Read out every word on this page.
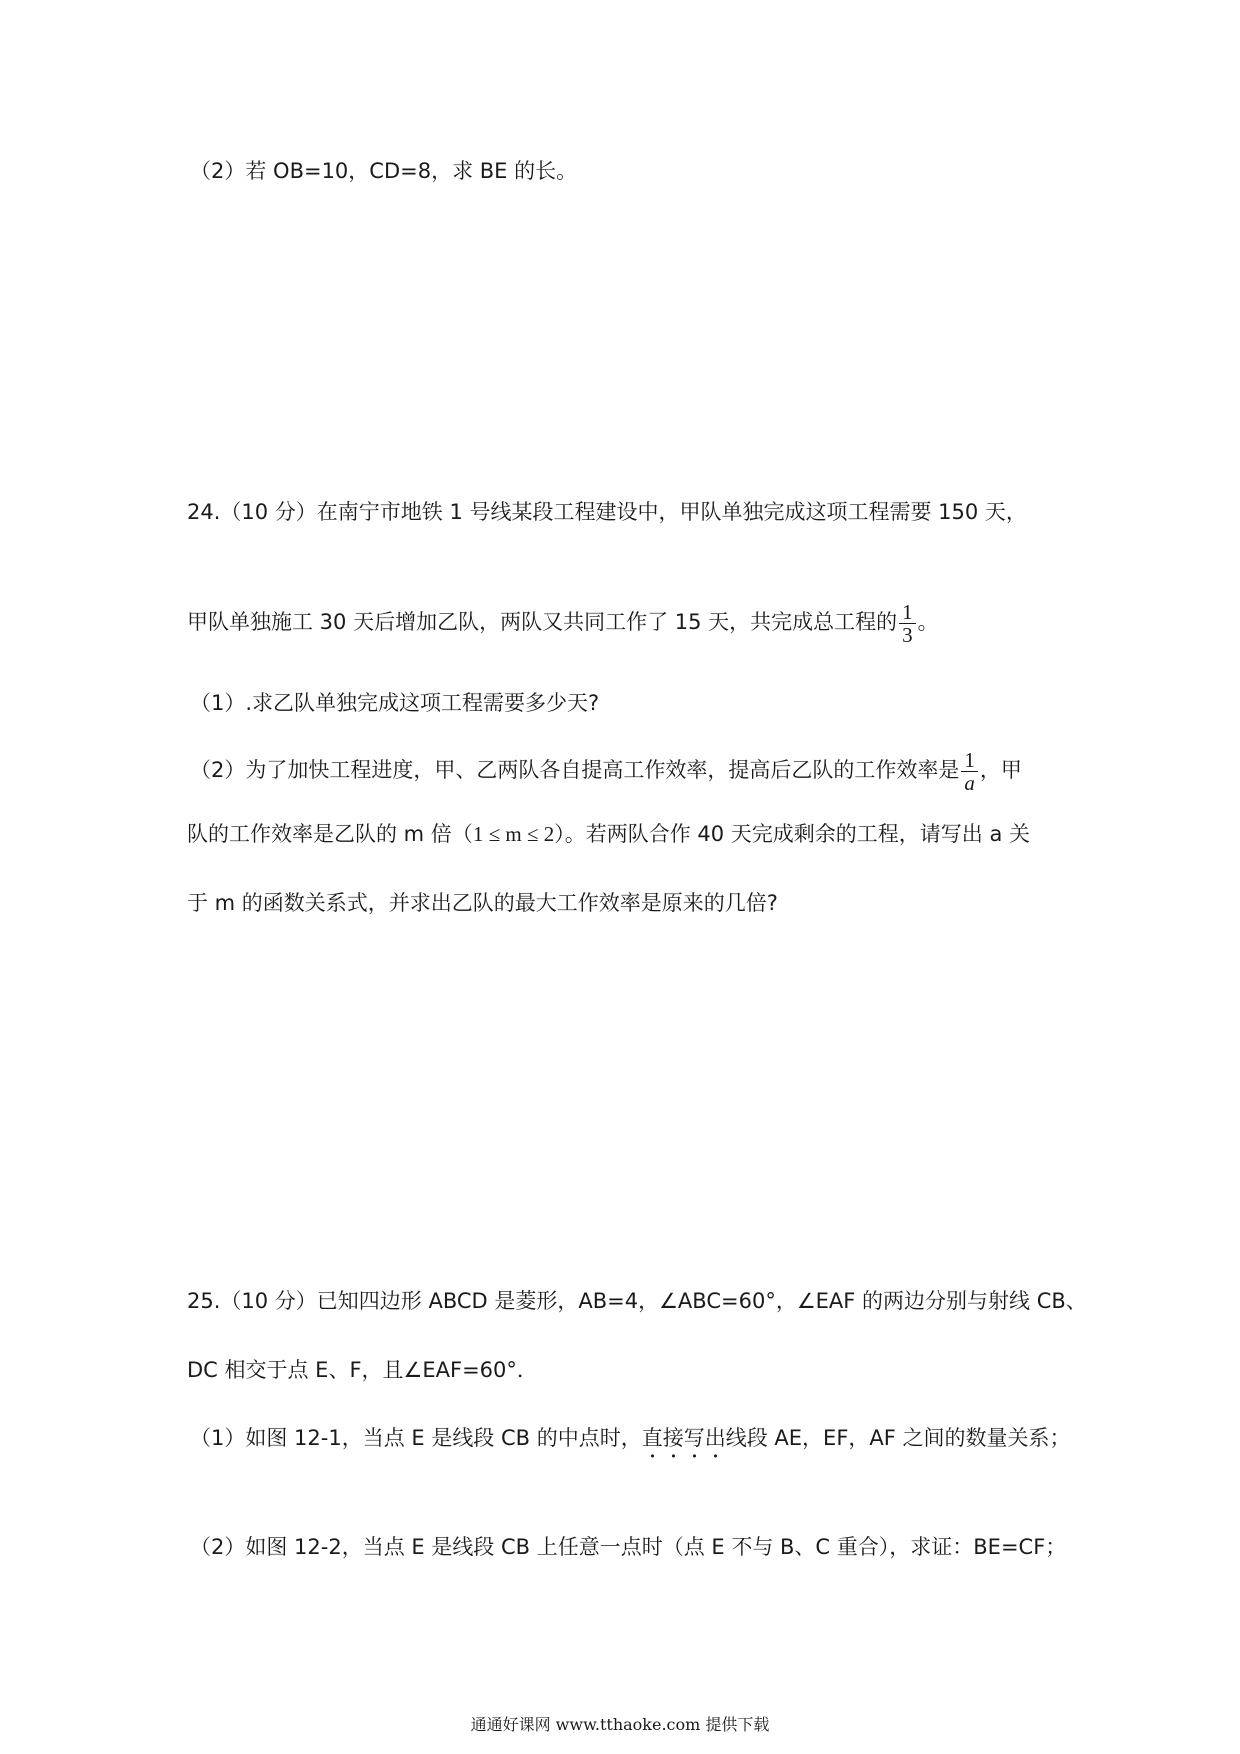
（2）若 OB=10，CD=8，求 BE 的长。
24.（10 分）在南宁市地铁 1 号线某段工程建设中，甲队单独完成这项工程需要 150 天，
甲队单独施工 30 天后增加乙队，两队又共同工作了 15 天，共完成总工程的 $\frac{1}{3}$ 。
（1）.求乙队单独完成这项工程需要多少天?
（2）为了加快工程进度，甲、乙两队各自提高工作效率，提高后乙队的工作效率是 $\frac{1}{a}$ ，甲
队的工作效率是乙队的 m 倍（1 ≤ m ≤ 2）。若两队合作 40 天完成剩余的工程，请写出 a 关
于 m 的函数关系式，并求出乙队的最大工作效率是原来的几倍?
25.（10 分）已知四边形 ABCD 是菱形，AB=4，∠ABC=60°，∠EAF 的两边分别与射线 CB、
DC 相交于点 E、F，且∠EAF=60°．
（1）如图 12-1，当点 E 是线段 CB 的中点时，直接写出线段 AE，EF，AF 之间的数量关系；
（2）如图 12-2，当点 E 是线段 CB 上任意一点时（点 E 不与 B、C 重合），求证：BE=CF；
通通好课网 www.tthaoke.com 提供下载
